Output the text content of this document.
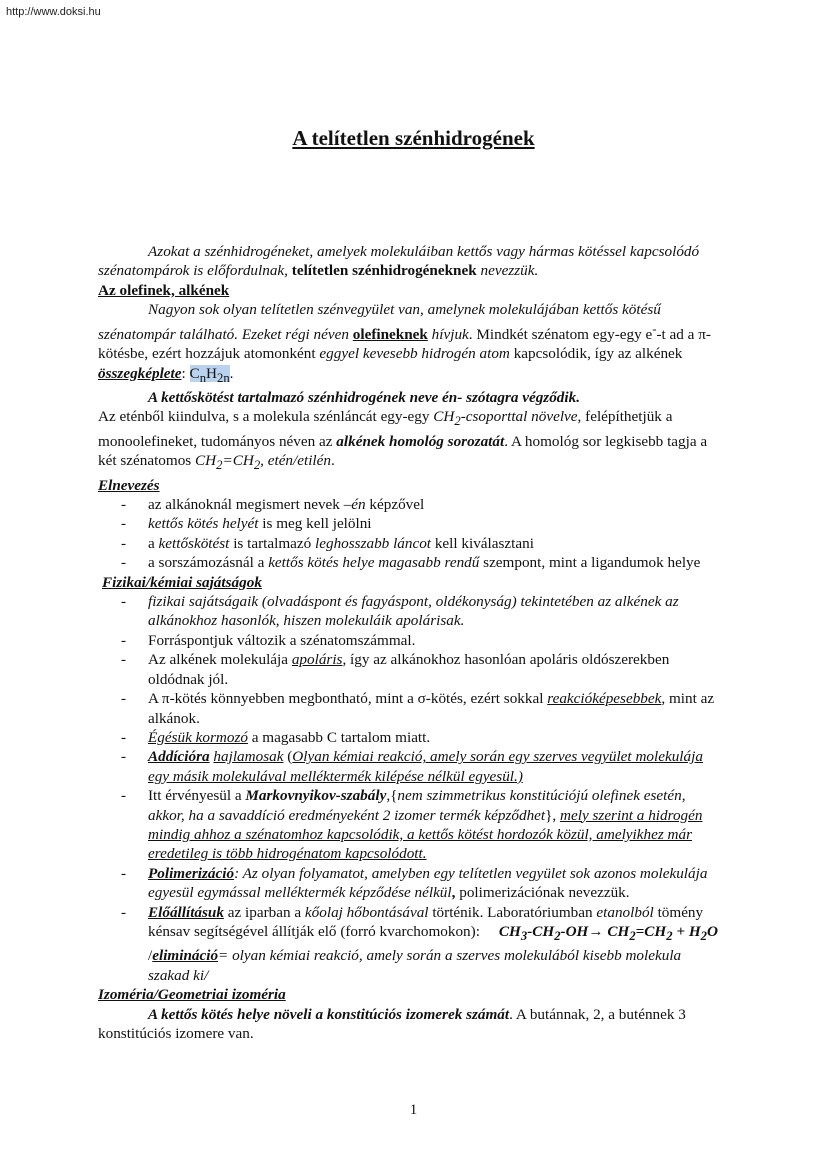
http://www.doksi.hu
A telítetlen szénhidrogének

Azokat a szénhidrogéneket, amelyek molekuláiban kettős vagy hármas kötéssel kapcsolódó szénatompárok is előfordulnak, telítetlen szénhidrogéneknek nevezzük.

Az olefinek, alkének

Nagyon sok olyan telítetlen szénvegyület van, amelynek molekulájában kettős kötésű szénatompár található. Ezeket régi néven olefineknek hívjuk. Mindkét szénatom egy-egy e--t ad a π-kötésbe, ezért hozzájuk atomonként eggyel kevesebb hidrogén atom kapcsolódik, így az alkének összegképlete: $C_nH_{2n}$.

A kettőskötést tartalmazó szénhidrogének neve én- szótagra végződik.

Az eténből kiindulva, s a molekula szénláncát egy-egy $CH_2$-csoporttal növelve, felépíthetjük a monoolefineket, tudományos néven az alkének homológ sorozatát. A homológ sor legkisebb tagja a két szénatomos $CH_2=CH_2$, etén/etilén.

Elnevezés

- az alkánoknál megismert nevek –én képzővel
- kettős kötés helyét is meg kell jelölni
- a kettőskötést is tartalmazó leghosszabb láncot kell kiválasztani
- a sorszámozásnál a kettős kötés helye magasabb rendű szempont, mint a ligandumok helye

Fizikai/kémiai sajátságok

- fizikai sajátságaik (olvadáspont és fagyáspont, oldékonyság) tekintetében az alkének az alkánokhoz hasonlók, hiszen molekuláik apolárisak.
- Forráspontjuk változik a szénatomszámmal.
- Az alkének molekulája apoláris, így az alkánokhoz hasonlóan apoláris oldószerekben oldódnak jól.
- A π-kötés könnyebben megbontható, mint a σ-kötés, ezért sokkal reakcióképesebbek, mint az alkánok.
- Égésük kormozó a magasabb C tartalom miatt.
- Addícióra hajlamosak (Olyan kémiai reakció, amely során egy szerves vegyület molekulája egy másik molekulával melléktermék kilépése nélkül egyesül.)
- Itt érvényesül a Markovnyikov-szabály,{nem szimmetrikus konstitúciójú olefinek esetén, akkor, ha a savaddíció eredményeként 2 izomer termék képződhet}, mely szerint a hidrogén mindig ahhoz a szénatomhoz kapcsolódik, a kettős kötést hordozók közül, amelyikhez már eredetileg is több hidrogénatom kapcsolódott.
- Polimerizáció: Az olyan folyamatot, amelyben egy telítetlen vegyület sok azonos molekulája egyesül egymással melléktermék képződése nélkül, polimerizációnak nevezzük.
- Előállításuk az iparban a kőolaj hőbontásával történik. Laboratóriumban etanolból tömény kénsav segítségével állítják elő (forró kvarchomokon): $CH_3-CH_2-OH\to CH_2=CH_2 + H_2O$ /elimináció= olyan kémiai reakció, amely során a szerves molekulából kisebb molekula szakad ki/

Izoméria/Geometriai izoméria

A kettős kötés helye növeli a konstitúciós izomerek számát. A butánnak, 2, a buténnek 3 konstitúciós izomere van.

1
